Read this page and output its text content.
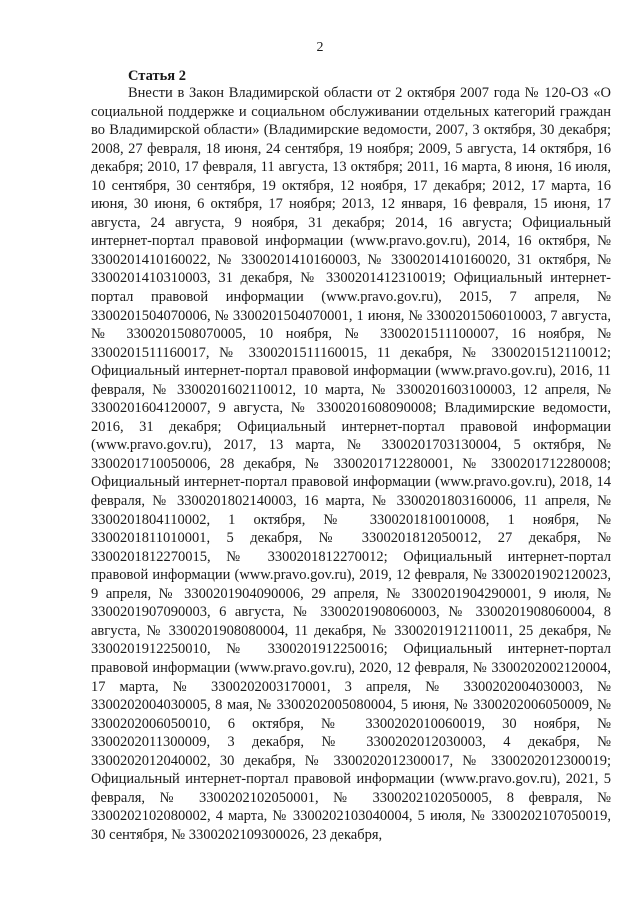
2
Статья 2

Внести в Закон Владимирской области от 2 октября 2007 года № 120-ОЗ «О социальной поддержке и социальном обслуживании отдельных категорий граждан во Владимирской области» (Владимирские ведомости, 2007, 3 октября, 30 декабря; 2008, 27 февраля, 18 июня, 24 сентября, 19 ноября; 2009, 5 августа, 14 октября, 16 декабря; 2010, 17 февраля, 11 августа, 13 октября; 2011, 16 марта, 8 июня, 16 июля, 10 сентября, 30 сентября, 19 октября, 12 ноября, 17 декабря; 2012, 17 марта, 16 июня, 30 июня, 6 октября, 17 ноября; 2013, 12 января, 16 февраля, 15 июня, 17 августа, 24 августа, 9 ноября, 31 декабря; 2014, 16 августа; Официальный интернет-портал правовой информации (www.pravo.gov.ru), 2014, 16 октября, № 3300201410160022, № 3300201410160003, № 3300201410160020, 31 октября, № 3300201410310003, 31 декабря, № 3300201412310019; Официальный интернет-портал правовой информации (www.pravo.gov.ru), 2015, 7 апреля, № 3300201504070006, № 3300201504070001, 1 июня, № 3300201506010003, 7 августа, № 3300201508070005, 10 ноября, № 3300201511100007, 16 ноября, № 3300201511160017, № 3300201511160015, 11 декабря, № 3300201512110012; Официальный интернет-портал правовой информации (www.pravo.gov.ru), 2016, 11 февраля, № 3300201602110012, 10 марта, № 3300201603100003, 12 апреля, № 3300201604120007, 9 августа, № 3300201608090008; Владимирские ведомости, 2016, 31 декабря; Официальный интернет-портал правовой информации (www.pravo.gov.ru), 2017, 13 марта, № 3300201703130004, 5 октября, № 3300201710050006, 28 декабря, № 3300201712280001, № 3300201712280008; Официальный интернет-портал правовой информации (www.pravo.gov.ru), 2018, 14 февраля, № 3300201802140003, 16 марта, № 3300201803160006, 11 апреля, № 3300201804110002, 1 октября, № 3300201810010008, 1 ноября, № 3300201811010001, 5 декабря, № 3300201812050012, 27 декабря, № 3300201812270015, № 3300201812270012; Официальный интернет-портал правовой информации (www.pravo.gov.ru), 2019, 12 февраля, № 3300201902120023, 9 апреля, № 3300201904090006, 29 апреля, № 3300201904290001, 9 июля, № 3300201907090003, 6 августа, № 3300201908060003, № 3300201908060004, 8 августа, № 3300201908080004, 11 декабря, № 3300201912110011, 25 декабря, № 3300201912250010, № 3300201912250016; Официальный интернет-портал правовой информации (www.pravo.gov.ru), 2020, 12 февраля, № 3300202002120004, 17 марта, № 3300202003170001, 3 апреля, № 3300202004030003, № 3300202004030005, 8 мая, № 3300202005080004, 5 июня, № 3300202006050009, № 3300202006050010, 6 октября, № 3300202010060019, 30 ноября, № 3300202011300009, 3 декабря, № 3300202012030003, 4 декабря, № 3300202012040002, 30 декабря, № 3300202012300017, № 3300202012300019; Официальный интернет-портал правовой информации (www.pravo.gov.ru), 2021, 5 февраля, № 3300202102050001, № 3300202102050005, 8 февраля, № 3300202102080002, 4 марта, № 3300202103040004, 5 июля, № 3300202107050019, 30 сентября, № 3300202109300026, 23 декабря,
